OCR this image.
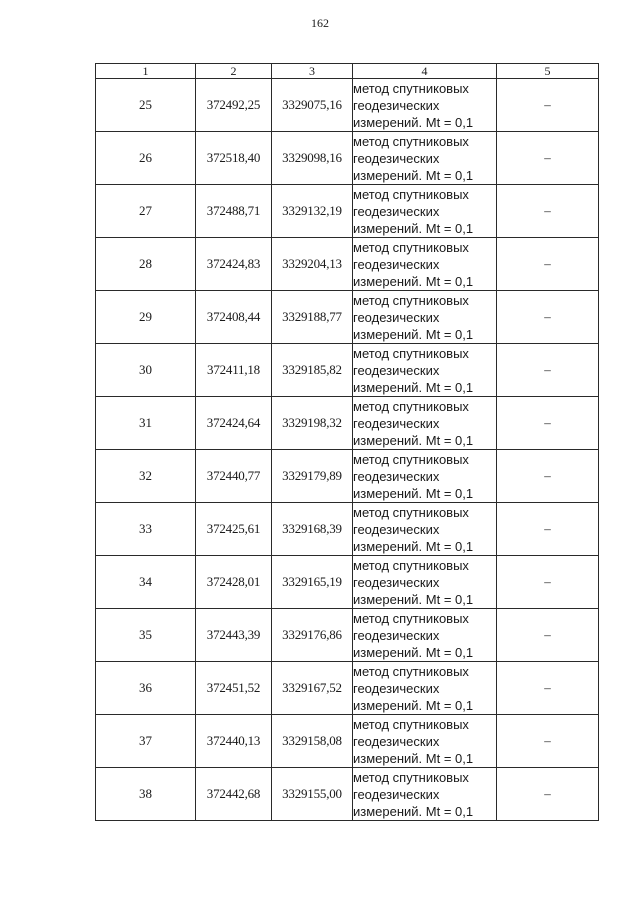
162
1	2	3	4	5
25	372492,25	3329075,16	метод спутниковых
геодезических
измерений. Mt = 0,1	–
26	372518,40	3329098,16	метод спутниковых
геодезических
измерений. Mt = 0,1	–
27	372488,71	3329132,19	метод спутниковых
геодезических
измерений. Mt = 0,1	–
28	372424,83	3329204,13	метод спутниковых
геодезических
измерений. Mt = 0,1	–
29	372408,44	3329188,77	метод спутниковых
геодезических
измерений. Mt = 0,1	–
30	372411,18	3329185,82	метод спутниковых
геодезических
измерений. Mt = 0,1	–
31	372424,64	3329198,32	метод спутниковых
геодезических
измерений. Mt = 0,1	–
32	372440,77	3329179,89	метод спутниковых
геодезических
измерений. Mt = 0,1	–
33	372425,61	3329168,39	метод спутниковых
геодезических
измерений. Mt = 0,1	–
34	372428,01	3329165,19	метод спутниковых
геодезических
измерений. Mt = 0,1	–
35	372443,39	3329176,86	метод спутниковых
геодезических
измерений. Mt = 0,1	–
36	372451,52	3329167,52	метод спутниковых
геодезических
измерений. Mt = 0,1	–
37	372440,13	3329158,08	метод спутниковых
геодезических
измерений. Mt = 0,1	–
38	372442,68	3329155,00	метод спутниковых
геодезических
измерений. Mt = 0,1	–
